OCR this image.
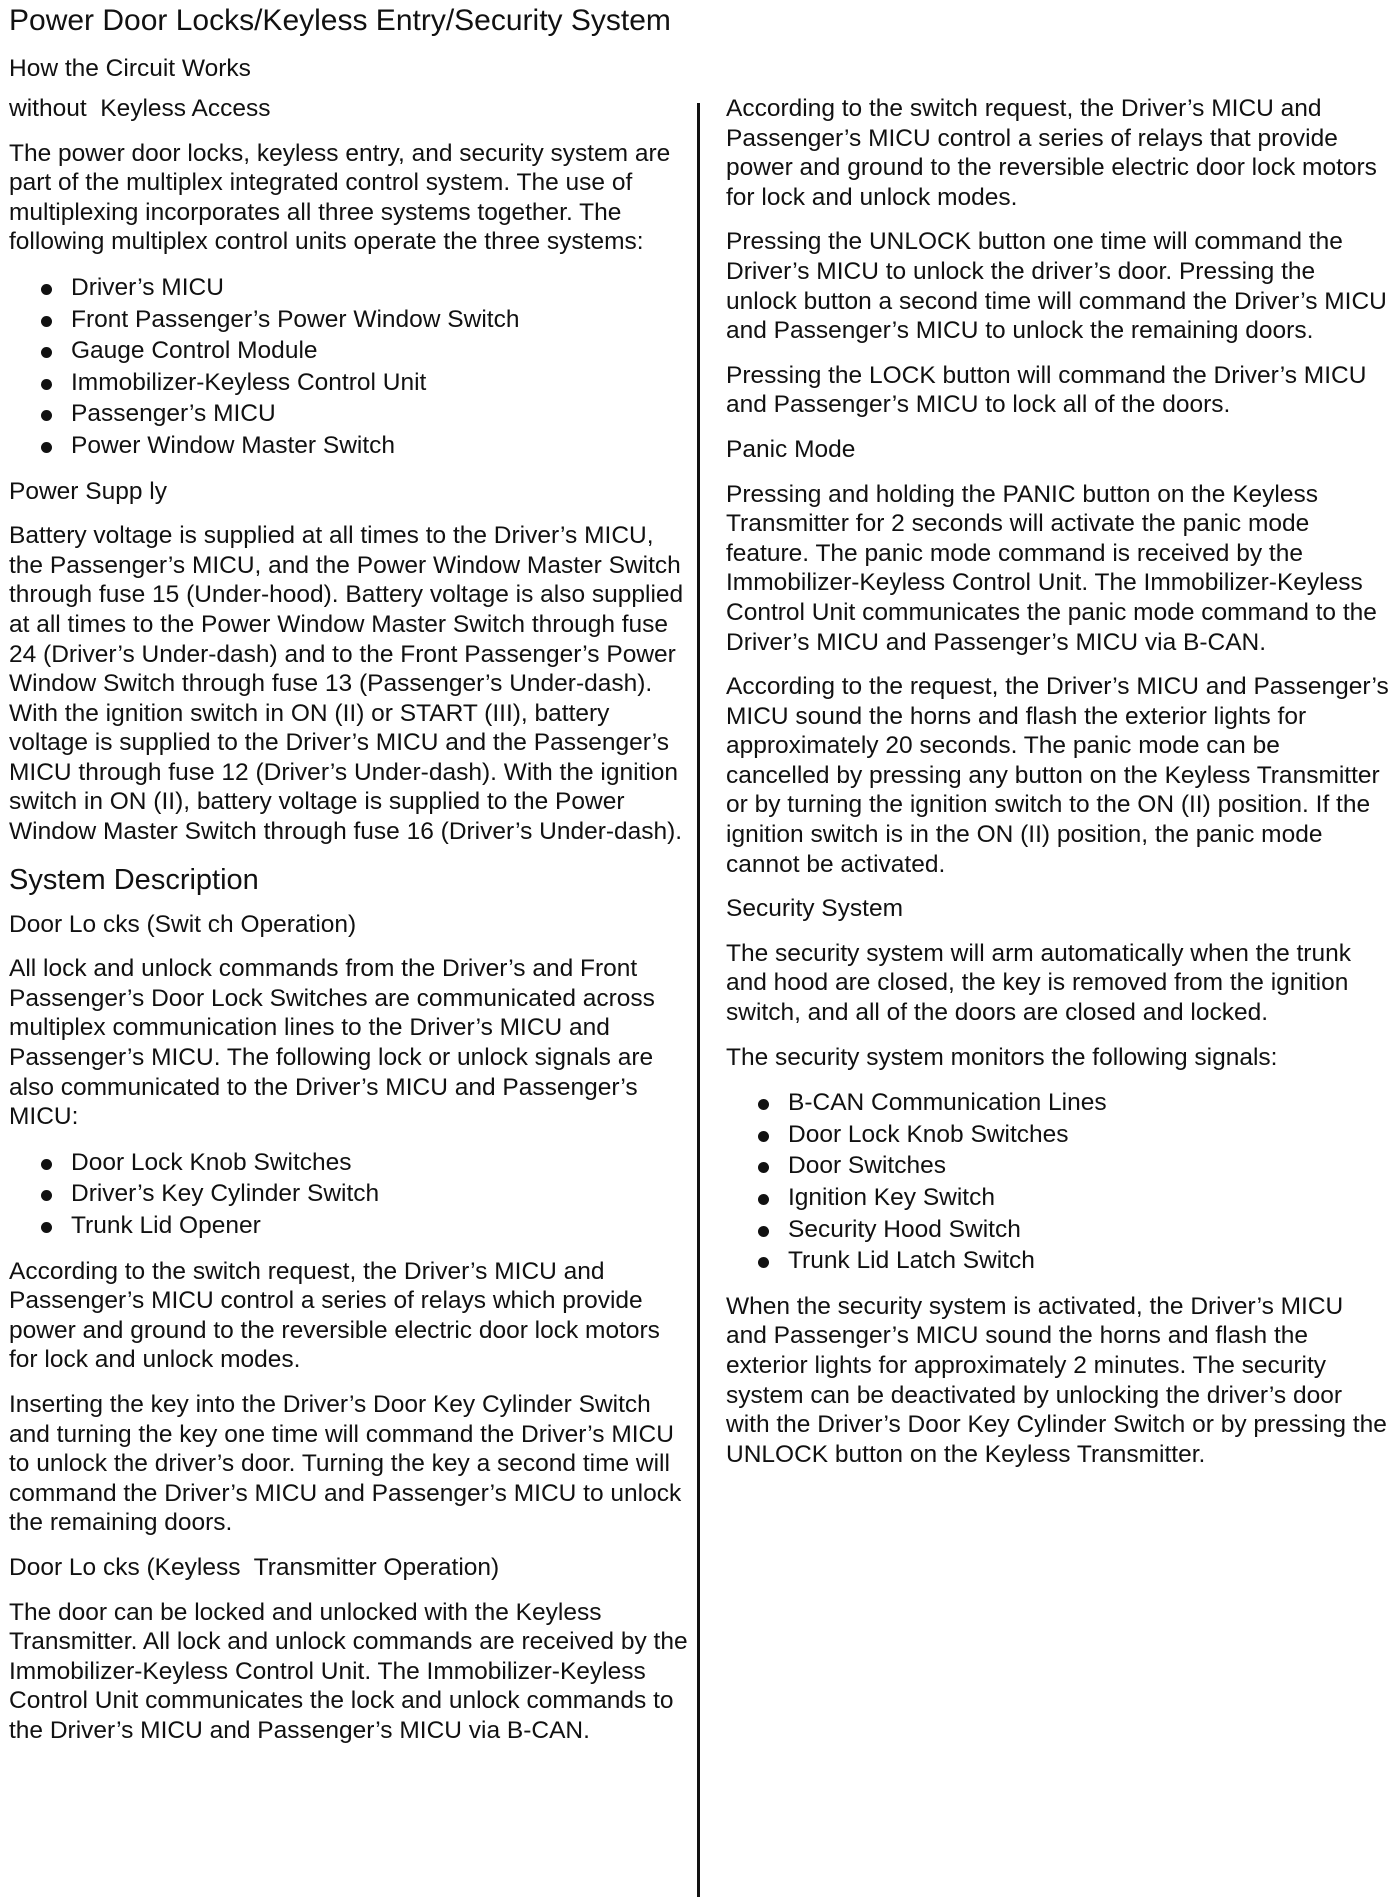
Power Door Locks/Keyless Entry/Security System
How the Circuit Works

without  Keyless Access

The power door locks, keyless entry, and security system are part of the multiplex integrated control system. The use of multiplexing incorporates all three systems together. The following multiplex control units operate the three systems:

Driver’s MICU
Front Passenger’s Power Window Switch
Gauge Control Module
Immobilizer-Keyless Control Unit
Passenger’s MICU
Power Window Master Switch

Power Supp ly

Battery voltage is supplied at all times to the Driver’s MICU, the Passenger’s MICU, and the Power Window Master Switch through fuse 15 (Under-hood). Battery voltage is also supplied at all times to the Power Window Master Switch through fuse 24 (Driver’s Under-dash) and to the Front Passenger’s Power Window Switch through fuse 13 (Passenger’s Under-dash). With the ignition switch in ON (II) or START (III), battery voltage is supplied to the Driver’s MICU and the Passenger’s MICU through fuse 12 (Driver’s Under-dash). With the ignition switch in ON (II), battery voltage is supplied to the Power Window Master Switch through fuse 16 (Driver’s Under-dash).

System Description

Door Lo cks (Swit ch Operation)

All lock and unlock commands from the Driver’s and Front Passenger’s Door Lock Switches are communicated across multiplex communication lines to the Driver’s MICU and Passenger’s MICU. The following lock or unlock signals are also communicated to the Driver’s MICU and Passenger’s MICU:

Door Lock Knob Switches
Driver’s Key Cylinder Switch
Trunk Lid Opener

According to the switch request, the Driver’s MICU and Passenger’s MICU control a series of relays which provide power and ground to the reversible electric door lock motors for lock and unlock modes.

Inserting the key into the Driver’s Door Key Cylinder Switch and turning the key one time will command the Driver’s MICU to unlock the driver’s door. Turning the key a second time will command the Driver’s MICU and Passenger’s MICU to unlock the remaining doors.

Door Lo cks (Keyless  Transmitter Operation)

The door can be locked and unlocked with the Keyless Transmitter. All lock and unlock commands are received by the Immobilizer-Keyless Control Unit. The Immobilizer-Keyless Control Unit communicates the lock and unlock commands to the Driver’s MICU and Passenger’s MICU via B-CAN.

According to the switch request, the Driver’s MICU and Passenger’s MICU control a series of relays that provide power and ground to the reversible electric door lock motors for lock and unlock modes.

Pressing the UNLOCK button one time will command the Driver’s MICU to unlock the driver’s door. Pressing the unlock button a second time will command the Driver’s MICU and Passenger’s MICU to unlock the remaining doors.

Pressing the LOCK button will command the Driver’s MICU and Passenger’s MICU to lock all of the doors.

Panic Mode

Pressing and holding the PANIC button on the Keyless Transmitter for 2 seconds will activate the panic mode feature. The panic mode command is received by the Immobilizer-Keyless Control Unit. The Immobilizer-Keyless Control Unit communicates the panic mode command to the Driver’s MICU and Passenger’s MICU via B-CAN.

According to the request, the Driver’s MICU and Passenger’s MICU sound the horns and flash the exterior lights for approximately 20 seconds. The panic mode can be cancelled by pressing any button on the Keyless Transmitter or by turning the ignition switch to the ON (II) position. If the ignition switch is in the ON (II) position, the panic mode cannot be activated.

Security System

The security system will arm automatically when the trunk and hood are closed, the key is removed from the ignition switch, and all of the doors are closed and locked.

The security system monitors the following signals:

B-CAN Communication Lines
Door Lock Knob Switches
Door Switches
Ignition Key Switch
Security Hood Switch
Trunk Lid Latch Switch

When the security system is activated, the Driver’s MICU and Passenger’s MICU sound the horns and flash the exterior lights for approximately 2 minutes. The security system can be deactivated by unlocking the driver’s door with the Driver’s Door Key Cylinder Switch or by pressing the UNLOCK button on the Keyless Transmitter.
